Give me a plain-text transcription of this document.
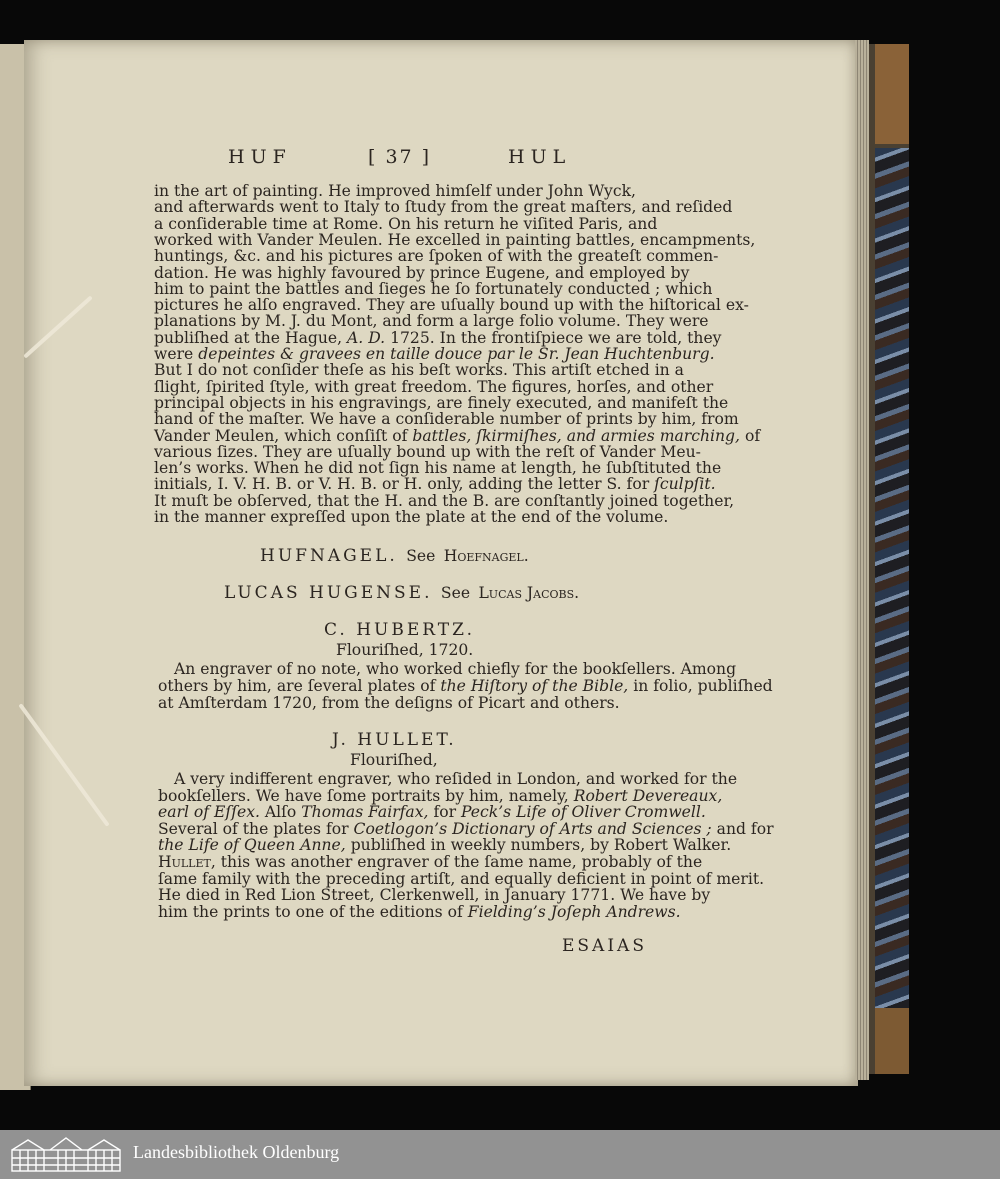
HUF	[ 37 ]	HUL
in the art of painting. He improved himſelf under John Wyck,
and afterwards went to Italy to ſtudy from the great maſters, and reſided
a conſiderable time at Rome. On his return he viſited Paris, and
worked with Vander Meulen. He excelled in painting battles, encampments,
huntings, &c. and his pictures are ſpoken of with the greateſt commen-
dation. He was highly favoured by prince Eugene, and employed by
him to paint the battles and ſieges he ſo fortunately conducted ; which
pictures he alſo engraved. They are uſually bound up with the hiſtorical ex-
planations by M. J. du Mont, and form a large folio volume. They were
publiſhed at the Hague, A. D. 1725. In the frontiſpiece we are told, they
were depeintes & gravees en taille douce par le Sr. Jean Huchtenburg.
But I do not conſider theſe as his beſt works. This artiſt etched in a
ſlight, ſpirited ſtyle, with great freedom. The figures, horſes, and other
principal objects in his engravings, are finely executed, and manifeſt the
hand of the maſter. We have a conſiderable number of prints by him, from
Vander Meulen, which conſiſt of battles, ſkirmiſhes, and armies marching, of
various ſizes. They are uſually bound up with the reſt of Vander Meu-
len’s works. When he did not ſign his name at length, he ſubſtituted the
initials, I. V. H. B. or V. H. B. or H. only, adding the letter S. for ſculpſit.
It muſt be obſerved, that the H. and the B. are conſtantly joined together,
in the manner expreſſed upon the plate at the end of the volume.
HUFNAGEL. See Hoefnagel.
LUCAS HUGENSE. See Lucas Jacobs.
C. HUBERTZ.
Flouriſhed, 1720.
An engraver of no note, who worked chiefly for the bookſellers. Among
others by him, are ſeveral plates of the Hiſtory of the Bible, in folio, publiſhed
at Amſterdam 1720, from the deſigns of Picart and others.
J. HULLET.
Flouriſhed,
A very indifferent engraver, who reſided in London, and worked for the
bookſellers. We have ſome portraits by him, namely, Robert Devereaux,
earl of Eſſex. Alſo Thomas Fairfax, for Peck’s Life of Oliver Cromwell.
Several of the plates for Coetlogon’s Dictionary of Arts and Sciences ; and for
the Life of Queen Anne, publiſhed in weekly numbers, by Robert Walker.
Hullet, this was another engraver of the ſame name, probably of the
ſame family with the preceding artiſt, and equally deficient in point of merit.
He died in Red Lion Street, Clerkenwell, in January 1771. We have by
him the prints to one of the editions of Fielding’s Joſeph Andrews.
ESAIAS
Landesbibliothek Oldenburg
